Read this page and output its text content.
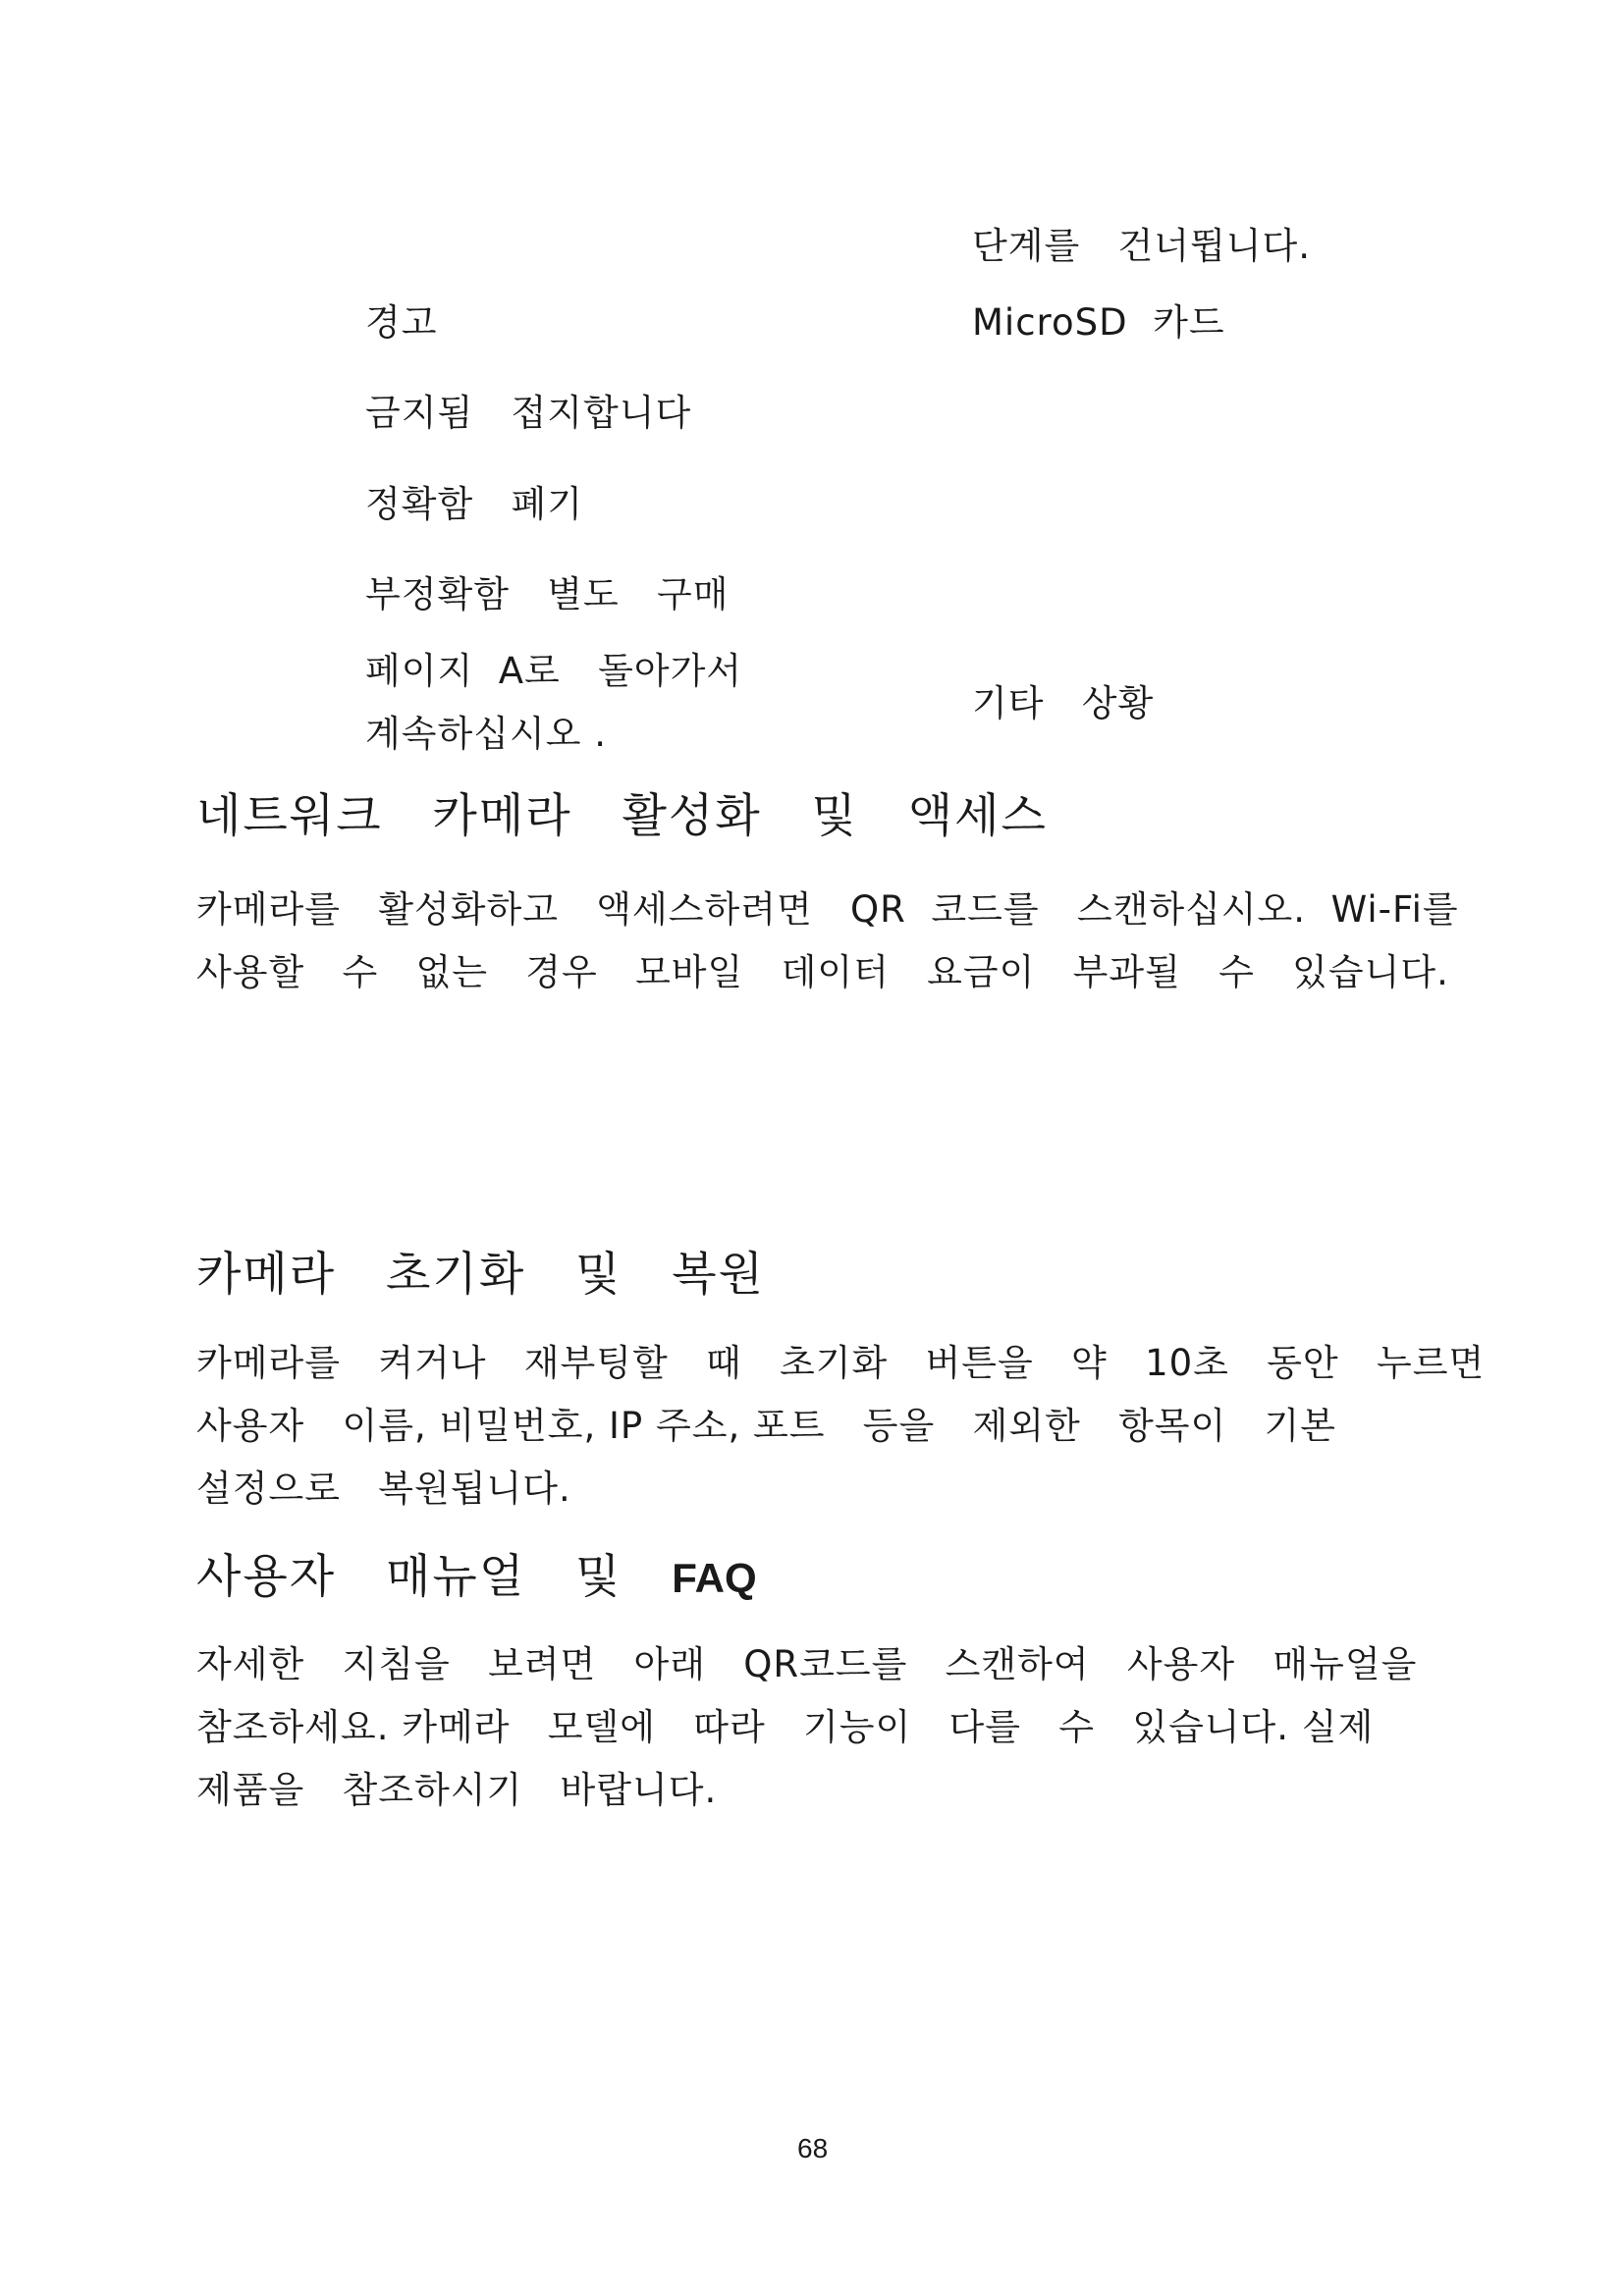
단계를   건너뜁니다.

경고	MicroSD  카드

금지됨   접지합니다

정확함   폐기

부정확함   별도   구매

페이지  A로   돌아가서

계속하십시오 .

기타   상황

네트워크   카메라   활성화   및   액세스

카메라를   활성화하고   액세스하려면   QR  코드를   스캔하십시오.  Wi-Fi를

사용할   수   없는   경우   모바일   데이터   요금이   부과될   수   있습니다.

카메라   초기화   및   복원

카메라를   켜거나   재부팅할   때   초기화   버튼을   약   10초   동안   누르면

사용자   이름, 비밀번호, IP 주소, 포트   등을   제외한   항목이   기본

설정으로   복원됩니다.

사용자   매뉴얼   및   FAQ

자세한   지침을   보려면   아래   QR코드를   스캔하여   사용자   매뉴얼을

참조하세요. 카메라   모델에   따라   기능이   다를   수   있습니다. 실제

제품을   참조하시기   바랍니다.

68
